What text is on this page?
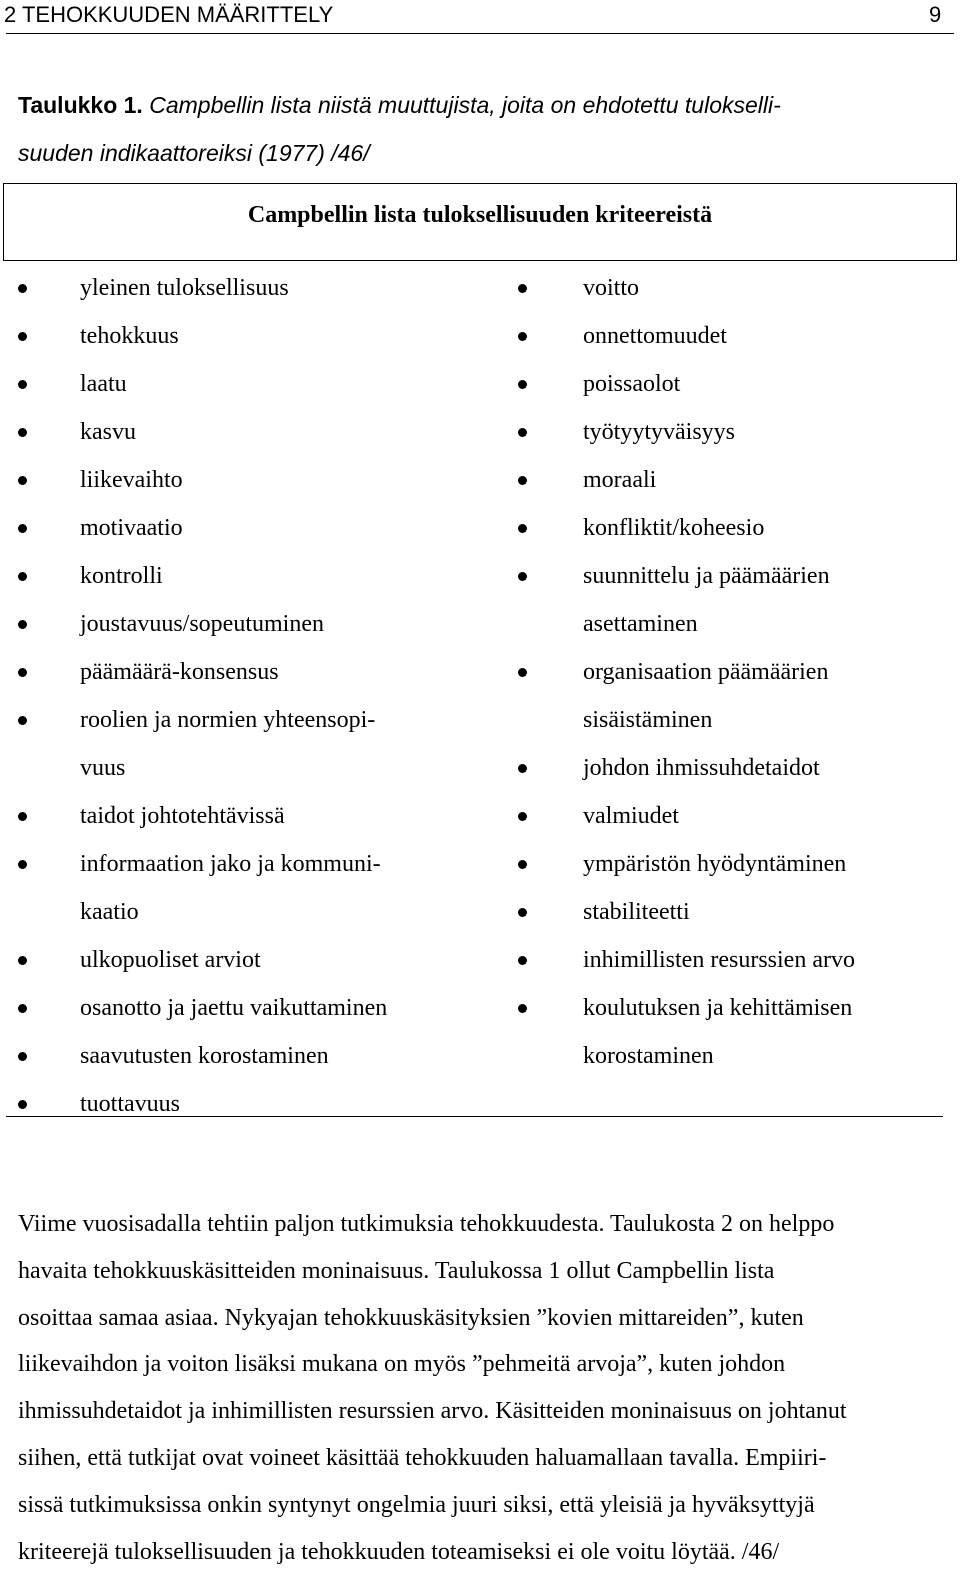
2 TEHOKKUUDEN MÄÄRITTELY	9
Taulukko 1. Campbellin lista niistä muuttujista, joita on ehdotettu tulokselli-
suuden indikaattoreiksi (1977) /46/
Campbellin lista tuloksellisuuden kriteereistä
yleinen tuloksellisuus
tehokkuus
laatu
kasvu
liikevaihto
motivaatio
kontrolli
joustavuus/sopeutuminen
päämäärä-konsensus
roolien ja normien yhteensopi-
vuus
taidot johtotehtävissä
informaation jako ja kommuni-
kaatio
ulkopuoliset arviot
osanotto ja jaettu vaikuttaminen
saavutusten korostaminen
tuottavuus
voitto
onnettomuudet
poissaolot
työtyytyväisyys
moraali
konfliktit/koheesio
suunnittelu ja päämäärien
asettaminen
organisaation päämäärien
sisäistäminen
johdon ihmissuhdetaidot
valmiudet
ympäristön hyödyntäminen
stabiliteetti
inhimillisten resurssien arvo
koulutuksen ja kehittämisen
korostaminen

Viime vuosisadalla tehtiin paljon tutkimuksia tehokkuudesta. Taulukosta 2 on helppo
havaita tehokkuuskäsitteiden moninaisuus. Taulukossa 1 ollut Campbellin lista
osoittaa samaa asiaa. Nykyajan tehokkuuskäsityksien ”kovien mittareiden”, kuten
liikevaihdon ja voiton lisäksi mukana on myös ”pehmeitä arvoja”, kuten johdon
ihmissuhdetaidot ja inhimillisten resurssien arvo. Käsitteiden moninaisuus on johtanut
siihen, että tutkijat ovat voineet käsittää tehokkuuden haluamallaan tavalla. Empiiri-
sissä tutkimuksissa onkin syntynyt ongelmia juuri siksi, että yleisiä ja hyväksyttyjä
kriteerejä tuloksellisuuden ja tehokkuuden toteamiseksi ei ole voitu löytää. /46/
